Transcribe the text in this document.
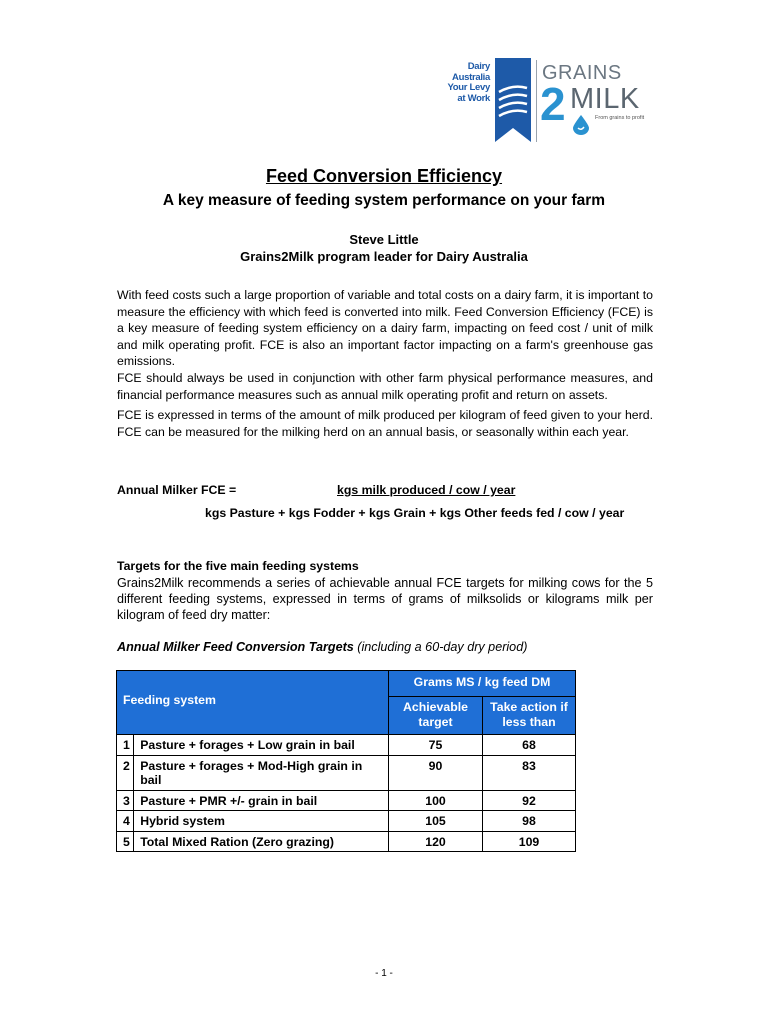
Dairy
Australia
Your Levy
at Work
GRAINS
2 MILK
From grains to profit
Feed Conversion Efficiency
A key measure of feeding system performance on your farm
Steve Little
Grains2Milk program leader for Dairy Australia
With feed costs such a large proportion of variable and total costs on a dairy farm, it is important to measure the efficiency with which feed is converted into milk. Feed Conversion Efficiency (FCE) is a key measure of feeding system efficiency on a dairy farm, impacting on feed cost / unit of milk and milk operating profit. FCE is also an important factor impacting on a farm's greenhouse gas emissions.
FCE should always be used in conjunction with other farm physical performance measures, and financial performance measures such as annual milk operating profit and return on assets.
FCE is expressed in terms of the amount of milk produced per kilogram of feed given to your herd. FCE can be measured for the milking herd on an annual basis, or seasonally within each year.
Annual Milker FCE =	kgs milk produced / cow / year
kgs Pasture + kgs Fodder + kgs Grain + kgs Other feeds fed / cow / year
Targets for the five main feeding systems
Grains2Milk recommends a series of achievable annual FCE targets for milking cows for the 5 different feeding systems, expressed in terms of grams of milksolids or kilograms milk per kilogram of feed dry matter:
Annual Milker Feed Conversion Targets (including a 60-day dry period)
Feeding system		Grams MS / kg feed DM	
		Achievable target	Take action if less than
1	Pasture + forages + Low grain in bail	75	68
2	Pasture + forages + Mod-High grain in bail	90	83
3	Pasture + PMR +/- grain in bail	100	92
4	Hybrid system	105	98
5	Total Mixed Ration (Zero grazing)	120	109
- 1 -
